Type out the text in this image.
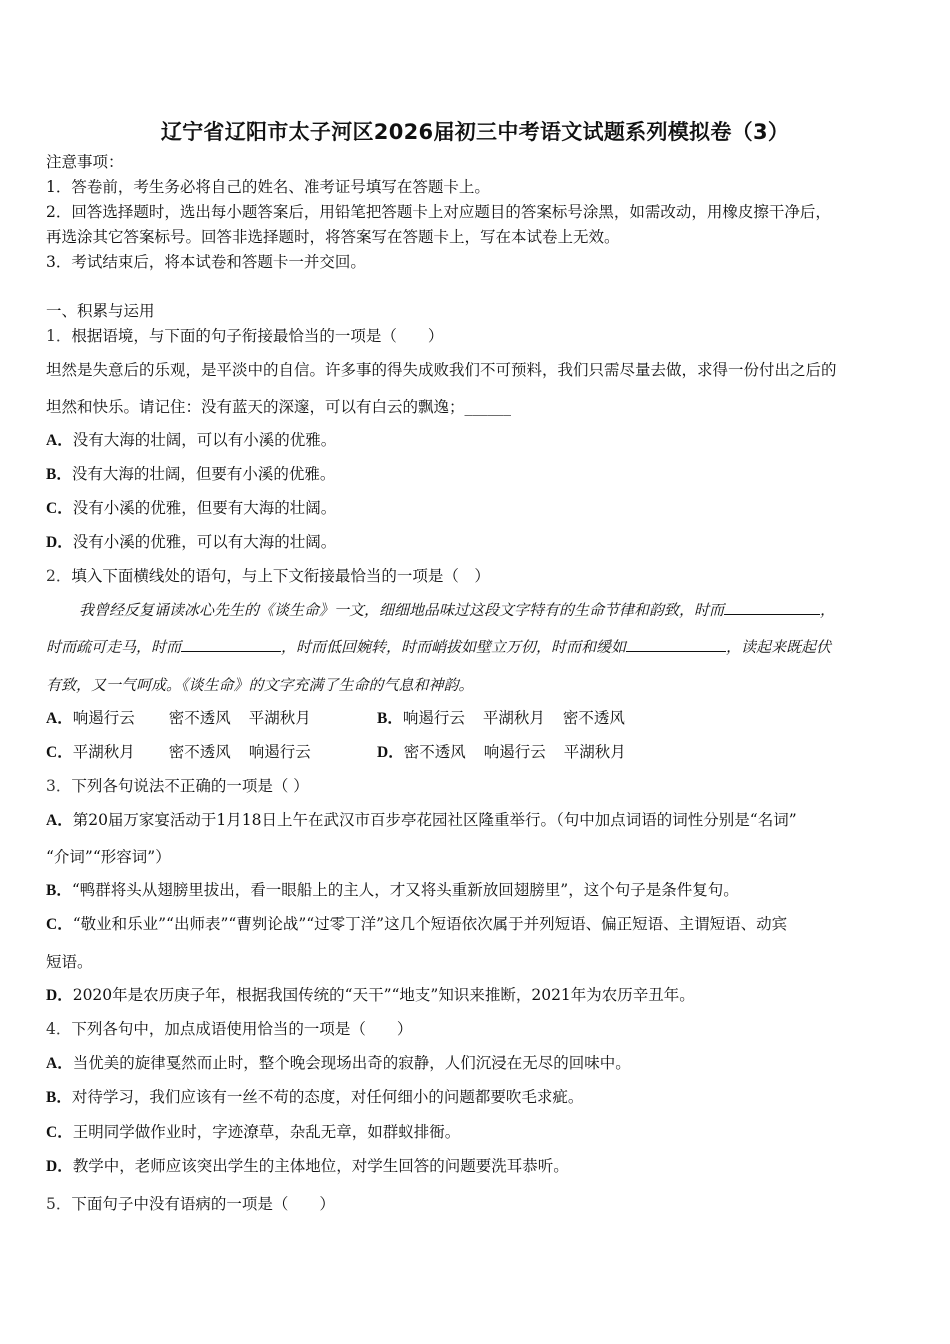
辽宁省辽阳市太子河区2026届初三中考语文试题系列模拟卷（3）
注意事项：
1．答卷前，考生务必将自己的姓名、准考证号填写在答题卡上。
2．回答选择题时，选出每小题答案后，用铅笔把答题卡上对应题目的答案标号涂黑，如需改动，用橡皮擦干净后，
再选涂其它答案标号。回答非选择题时，将答案写在答题卡上，写在本试卷上无效。
3．考试结束后，将本试卷和答题卡一并交回。
一、积累与运用
1．根据语境，与下面的句子衔接最恰当的一项是（　　）
坦然是失意后的乐观，是平淡中的自信。许多事的得失成败我们不可预料，我们只需尽量去做，求得一份付出之后的
坦然和快乐。请记住：没有蓝天的深邃，可以有白云的飘逸；______
A．没有大海的壮阔，可以有小溪的优雅。
B．没有大海的壮阔，但要有小溪的优雅。
C．没有小溪的优雅，但要有大海的壮阔。
D．没有小溪的优雅，可以有大海的壮阔。
2．填入下面横线处的语句，与上下文衔接最恰当的一项是（　）
我曾经反复诵读冰心先生的《谈生命》一文，细细地品味过这段文字特有的生命节律和韵致，时而	，
时而疏可走马，时而	，时而低回婉转，时而峭拔如壁立万仞，时而和缓如	，读起来既起伏
有致，又一气呵成。《谈生命》的文字充满了生命的气息和神韵。
A．响遏行云 密不透风 平湖秋月	B．响遏行云 平湖秋月 密不透风
C．平湖秋月 密不透风 响遏行云	D．密不透风 响遏行云 平湖秋月
3．下列各句说法不正确的一项是（ ）
A．第20届万家宴活动于1月18日上午在武汉市百步亭花园社区隆重举行。（句中加点词语的词性分别是“名词”
“介词”“形容词”）
B．“鸭群将头从翅膀里拔出，看一眼船上的主人，才又将头重新放回翅膀里”，这个句子是条件复句。
C．“敬业和乐业”“出师表”“曹刿论战”“过零丁洋”这几个短语依次属于并列短语、偏正短语、主谓短语、动宾
短语。
D．2020年是农历庚子年，根据我国传统的“天干”“地支”知识来推断，2021年为农历辛丑年。
4．下列各句中，加点成语使用恰当的一项是（　　）
A．当优美的旋律戛然而止时，整个晚会现场出奇的寂静，人们沉浸在无尽的回味中。
B．对待学习，我们应该有一丝不苟的态度，对任何细小的问题都要吹毛求疵。
C．王明同学做作业时，字迹潦草，杂乱无章，如群蚁排衙。
D．教学中，老师应该突出学生的主体地位，对学生回答的问题要洗耳恭听。
5．下面句子中没有语病的一项是（　　）
